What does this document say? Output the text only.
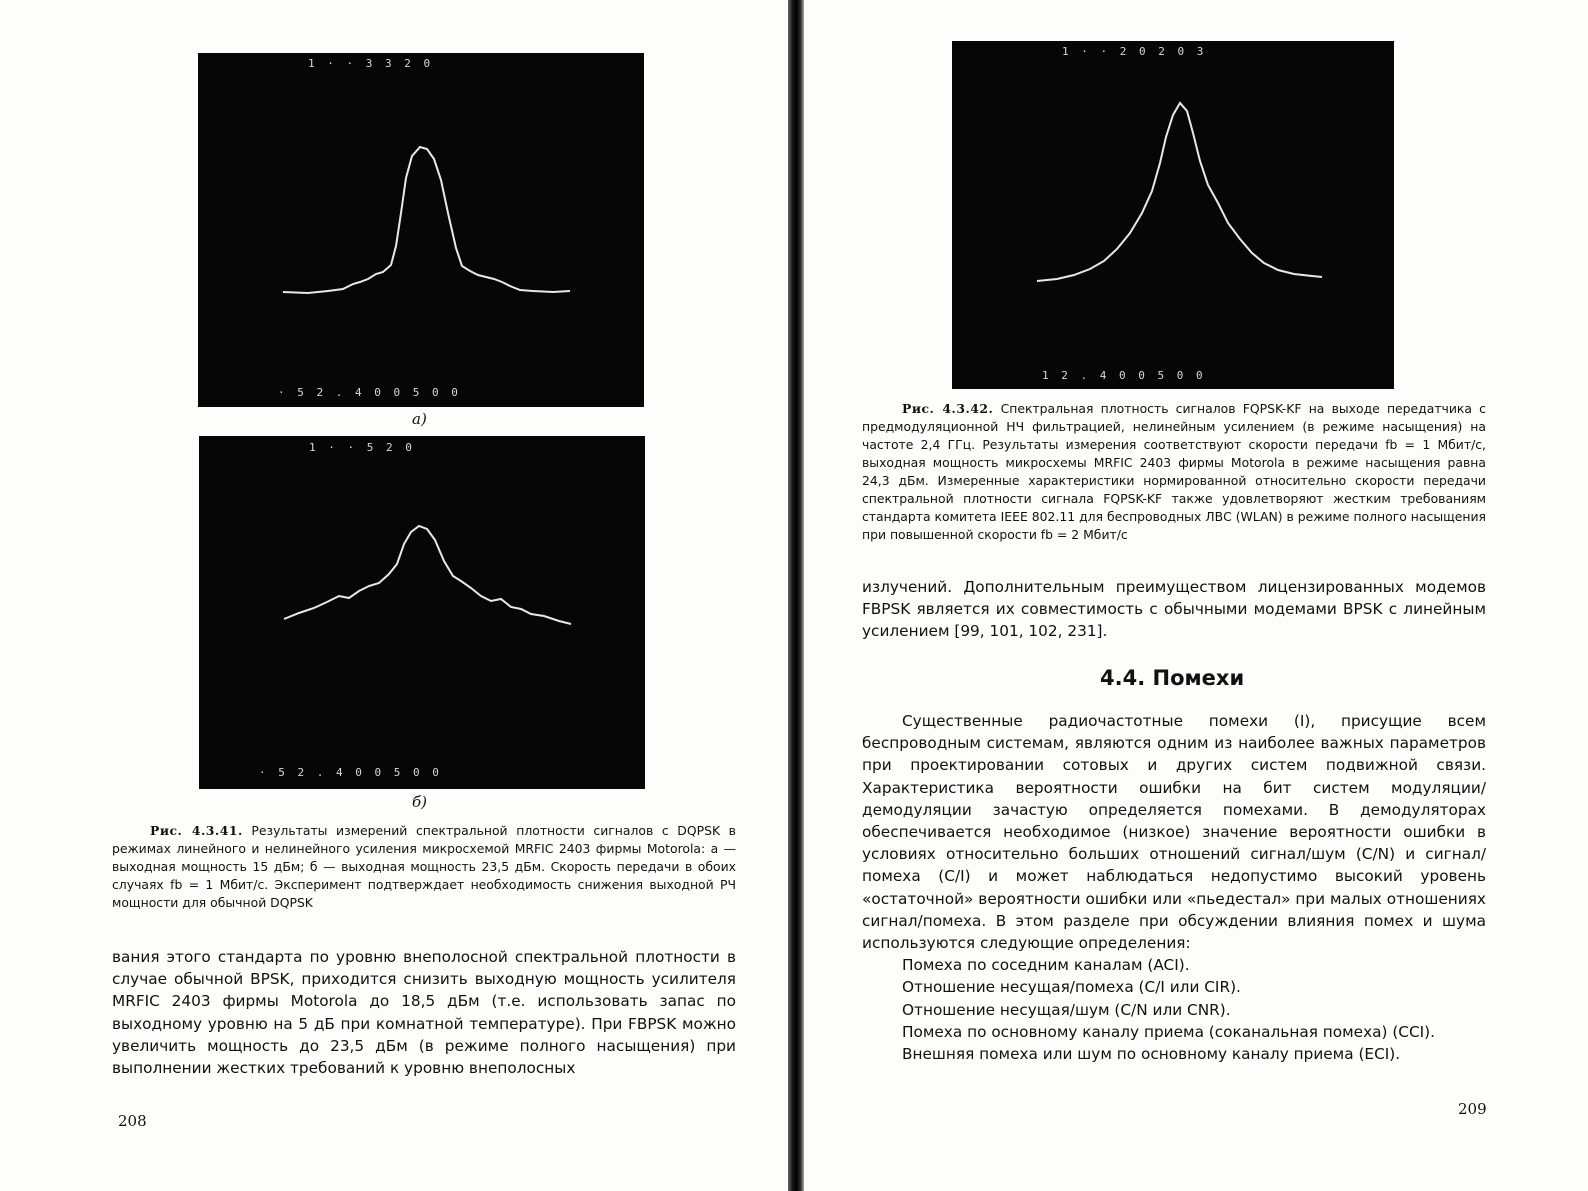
1 · · 3 3 2 0
· 5 2 . 4 0 0 5 0 0
а)
1 · · 5 2 0
· 5 2 . 4 0 0 5 0 0
б)
Рис. 4.3.41. Результаты измерений спектральной плотности сигналов с DQPSK в режимах линейного и нелинейного усиления микросхемой MRFIC 2403 фирмы Motorola: а — выходная мощность 15 дБм; б — выходная мощность 23,5 дБм. Скорость передачи в обоих случаях fb = 1 Мбит/с. Эксперимент подтверждает необходимость снижения выходной РЧ мощности для обычной DQPSK

вания этого стандарта по уровню внеполосной спектральной плотности в случае обычной BPSK, приходится снизить выходную мощность усилителя MRFIC 2403 фирмы Motorola до 18,5 дБм (т.е. использовать запас по выходному уровню на 5 дБ при комнатной температуре). При FBPSK можно увеличить мощность до 23,5 дБм (в режиме полного насыщения) при выполнении жестких требований к уровню внеполосных

208
1 · · 2 0 2 0 3
1 2 . 4 0 0 5 0 0
Рис. 4.3.42. Спектральная плотность сигналов FQPSK-KF на выходе передатчика с предмодуляционной НЧ фильтрацией, нелинейным усилением (в режиме насыщения) на частоте 2,4 ГГц. Результаты измерения соответствуют скорости передачи fb = 1 Мбит/с, выходная мощность микросхемы MRFIC 2403 фирмы Motorola в режиме насыщения равна 24,3 дБм. Измеренные характеристики нормированной относительно скорости передачи спектральной плотности сигнала FQPSK-KF также удовлетворяют жестким требованиям стандарта комитета IEEE 802.11 для беспроводных ЛВС (WLAN) в режиме полного насыщения при повышенной скорости fb = 2 Мбит/с

излучений. Дополнительным преимуществом лицензированных модемов FBPSK является их совместимость с обычными модемами BPSK с линейным усилением [99, 101, 102, 231].

4.4. Помехи

Существенные радиочастотные помехи (I), присущие всем беспроводным системам, являются одним из наиболее важных параметров при проектировании сотовых и других систем подвижной связи. Характеристика вероятности ошибки на бит систем модуляции/демодуляции зачастую определяется помехами. В демодуляторах обеспечивается необходимое (низкое) значение вероятности ошибки в условиях относительно больших отношений сигнал/шум (C/N) и сигнал/помеха (C/I) и может наблюдаться недопустимо высокий уровень «остаточной» вероятности ошибки или «пьедестал» при малых отношениях сигнал/помеха. В этом разделе при обсуждении влияния помех и шума используются следующие определения:

Помеха по соседним каналам (ACI).
Отношение несущая/помеха (C/I или CIR).
Отношение несущая/шум (C/N или CNR).
Помеха по основному каналу приема (соканальная помеха) (CCI).
Внешняя помеха или шум по основному каналу приема (ECI).
209
